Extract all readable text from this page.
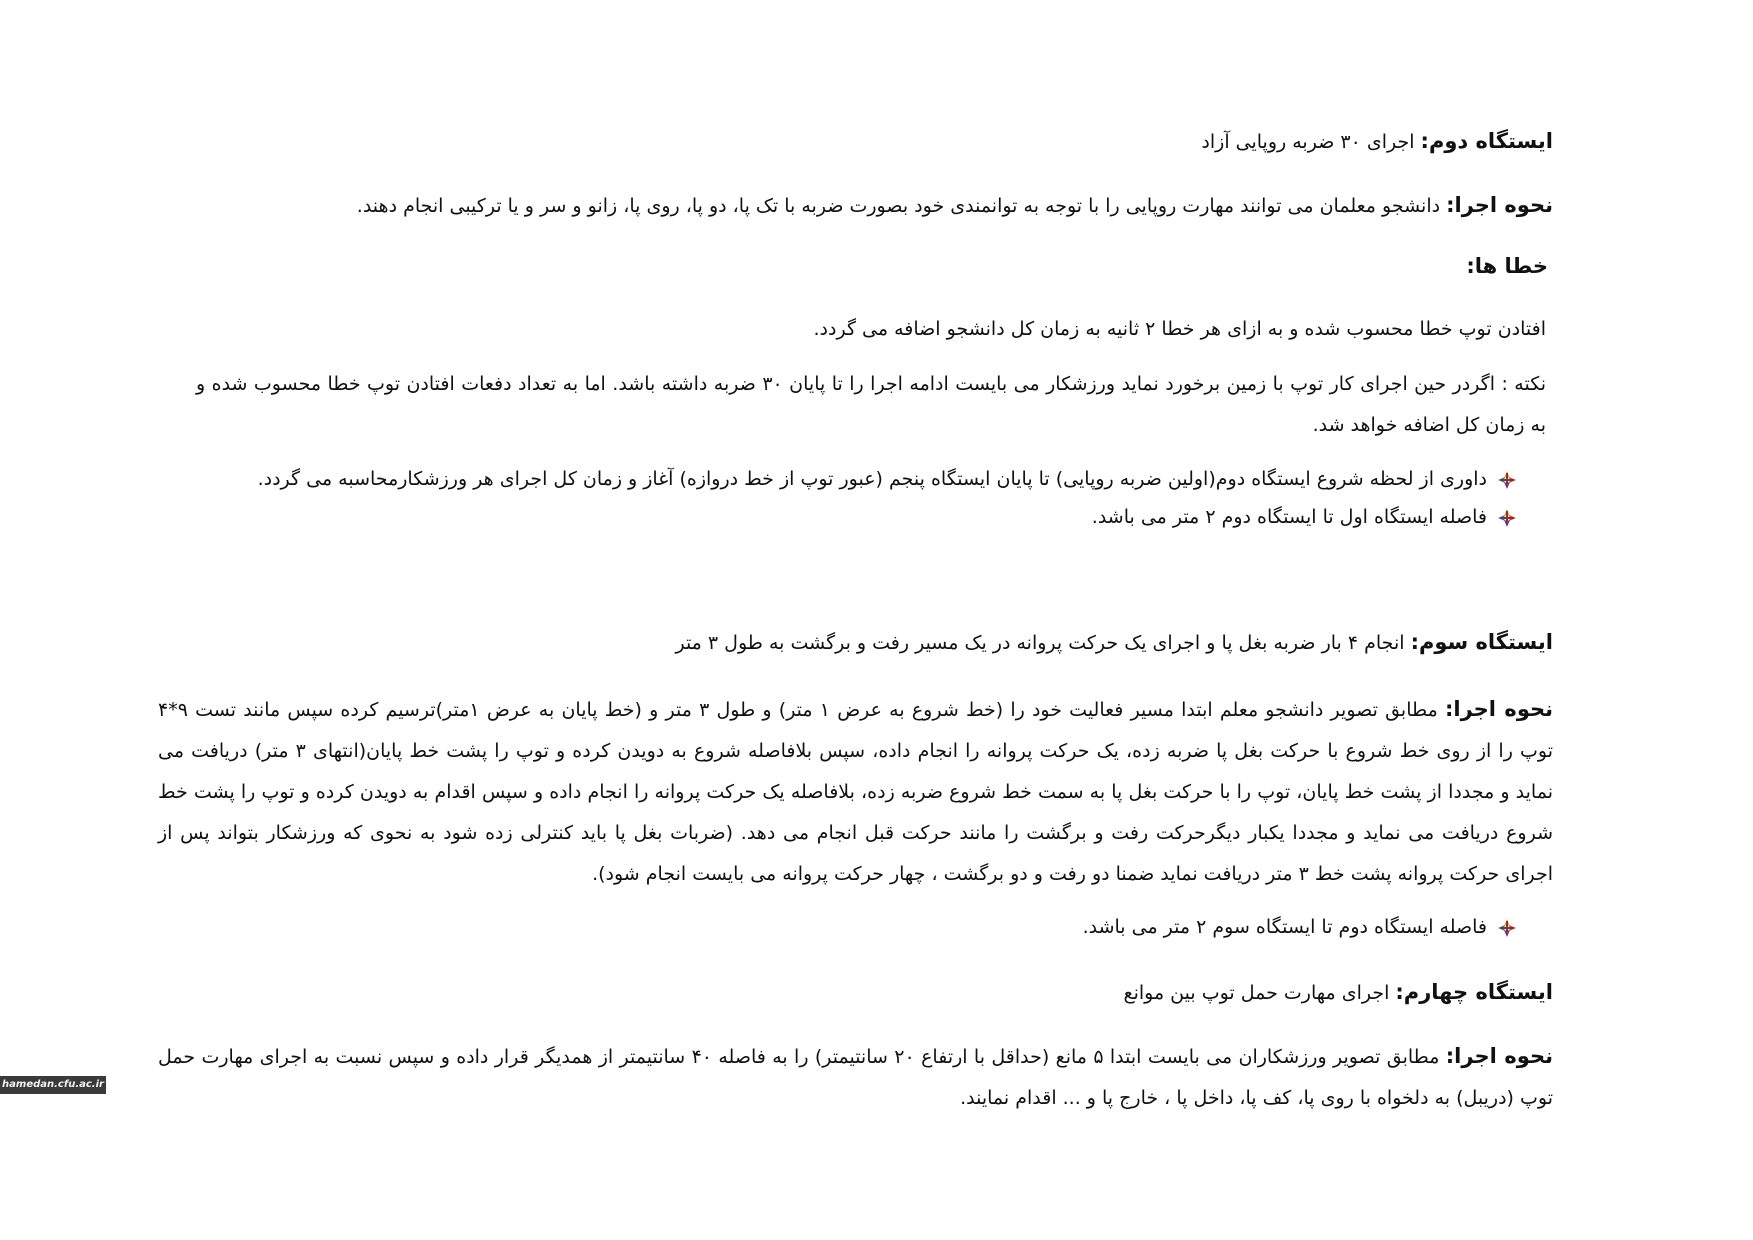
ایستگاه دوم: اجرای ۳۰ ضربه روپایی آزاد
نحوه اجرا: دانشجو معلمان می توانند مهارت روپایی را با توجه به توانمندی خود بصورت ضربه با تک پا، دو پا، روی پا، زانو و سر و یا ترکیبی انجام دهند.
خطا ها:
افتادن توپ خطا محسوب شده و به ازای هر خطا ۲ ثانیه به زمان کل دانشجو اضافه می گردد.
نکته : اگردر حین اجرای کار توپ با زمین برخورد نماید ورزشکار می بایست ادامه اجرا را تا پایان ۳۰ ضربه داشته باشد. اما به تعداد دفعات افتادن توپ خطا محسوب شده و به زمان کل اضافه خواهد شد.
داوری از لحظه شروع ایستگاه دوم(اولین ضربه روپایی) تا پایان ایستگاه پنجم (عبور توپ از خط دروازه) آغاز و زمان کل اجرای هر ورزشکارمحاسبه می گردد.
فاصله ایستگاه اول تا ایستگاه دوم ۲ متر می باشد.
ایستگاه سوم: انجام ۴ بار ضربه بغل پا و اجرای یک حرکت پروانه در یک مسیر رفت و برگشت به طول ۳ متر
نحوه اجرا: مطابق تصویر دانشجو معلم ابتدا مسیر فعالیت خود را (خط شروع به عرض ۱ متر) و طول ۳ متر و (خط پایان به عرض ۱متر)ترسیم کرده سپس مانند تست ۹*۴ توپ را از روی خط شروع با حرکت بغل پا ضربه زده، یک حرکت پروانه را انجام داده، سپس بلافاصله شروع به دویدن کرده و توپ را پشت خط پایان(انتهای ۳ متر) دریافت می نماید و مجددا از پشت خط پایان، توپ را با حرکت بغل پا به سمت خط شروع ضربه زده، بلافاصله یک حرکت پروانه را انجام داده و سپس اقدام به دویدن کرده و توپ را پشت خط شروع دریافت می نماید و مجددا یکبار دیگرحرکت رفت و برگشت را مانند حرکت قبل انجام می دهد. (ضربات بغل پا باید کنترلی زده شود به نحوی که ورزشکار بتواند پس از اجرای حرکت پروانه پشت خط ۳ متر دریافت نماید ضمنا دو رفت و دو برگشت ، چهار حرکت پروانه می بایست انجام شود).
فاصله ایستگاه دوم تا ایستگاه سوم ۲ متر می باشد.
ایستگاه چهارم: اجرای مهارت حمل توپ بین موانع
نحوه اجرا: مطابق تصویر ورزشکاران می بایست ابتدا ۵ مانع (حداقل با ارتفاع ۲۰ سانتیمتر) را به فاصله ۴۰ سانتیمتر از همدیگر قرار داده و سپس نسبت به اجرای مهارت حمل توپ (دریبل) به دلخواه با روی پا، کف پا، داخل پا ، خارج پا و ... اقدام نمایند.
hamedan.cfu.ac.ir
